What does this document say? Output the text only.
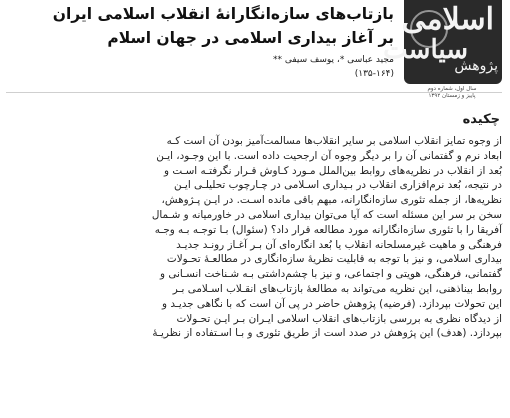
اسلامی
سیاست
پژوهش
سال اول، شماره دوم
پاییز و زمستان ۱۳۹۲
بازتاب‌های سازه‌انگارانۀ انقلاب اسلامی ایران
بر آغاز بیداری اسلامی در جهان اسلام
مجید عباسی *، یوسف سیفی **
(۱۳۵-۱۶۴)
چکیده
از وجوه تمایز انقلاب اسلامی بر سایر انقلاب‌ها مسالمت‌آمیز بودن آن است کـه
ابعاد نرم و گفتمانی آن را بر دیگر وجوه آن ارجحیت داده است. با این وجـود، ایـن
بُعد از انقلاب در نظریه‌های روابط بین‌الملل مـورد کـاوش قـرار نگرفتـه اسـت و
در نتیجه، بُعد نرم‌افزاری انقلاب در بـیداری اسـلامی در چـارچوب تحلیلـی ایـن
نظریه‌ها، از جمله تئوری سازه‌انگارانه، مبهم باقی مانده اسـت. در ایـن پـژوهش،
سخن بر سر این مسئله است که آیا می‌توان بیداری اسلامی در خاورمیانه و شـمال
آفریقا را با تئوری سازه‌انگارانه مورد مطالعه قرار داد؟ (سئوال) بـا توجـه بـه وجـه
فرهنگی و ماهیت غیرمسلحانه انقلاب یا بُعد انگاره‌ای آن بـر آغـاز رونـد جدیـد
بیداری اسلامی، و نیز با توجه به قابلیت نظریۀ سازه‌انگاری در مطالعـۀ تحـولات
گفتمانی، فرهنگی، هویتی و اجتماعی، و نیز با چشم‌داشتی بـه شـناخت انسـانی و
روابط بیناذهنی، این نظریه می‌تواند به مطالعۀ بازتاب‌های انقـلاب اسـلامی بـر
این تحولات بپردازد. (فرضیه) پژوهش حاضر در پی آن است که با نگاهی جدیـد و
از دیدگاه نظری به بررسی بازتاب‌های انقلاب اسلامی ایـران بـر ایـن تحـولات
بپردازد. (هدف) این پژوهش در صدد است از طریق تئوری و بـا اسـتفاده از نظریـۀ
